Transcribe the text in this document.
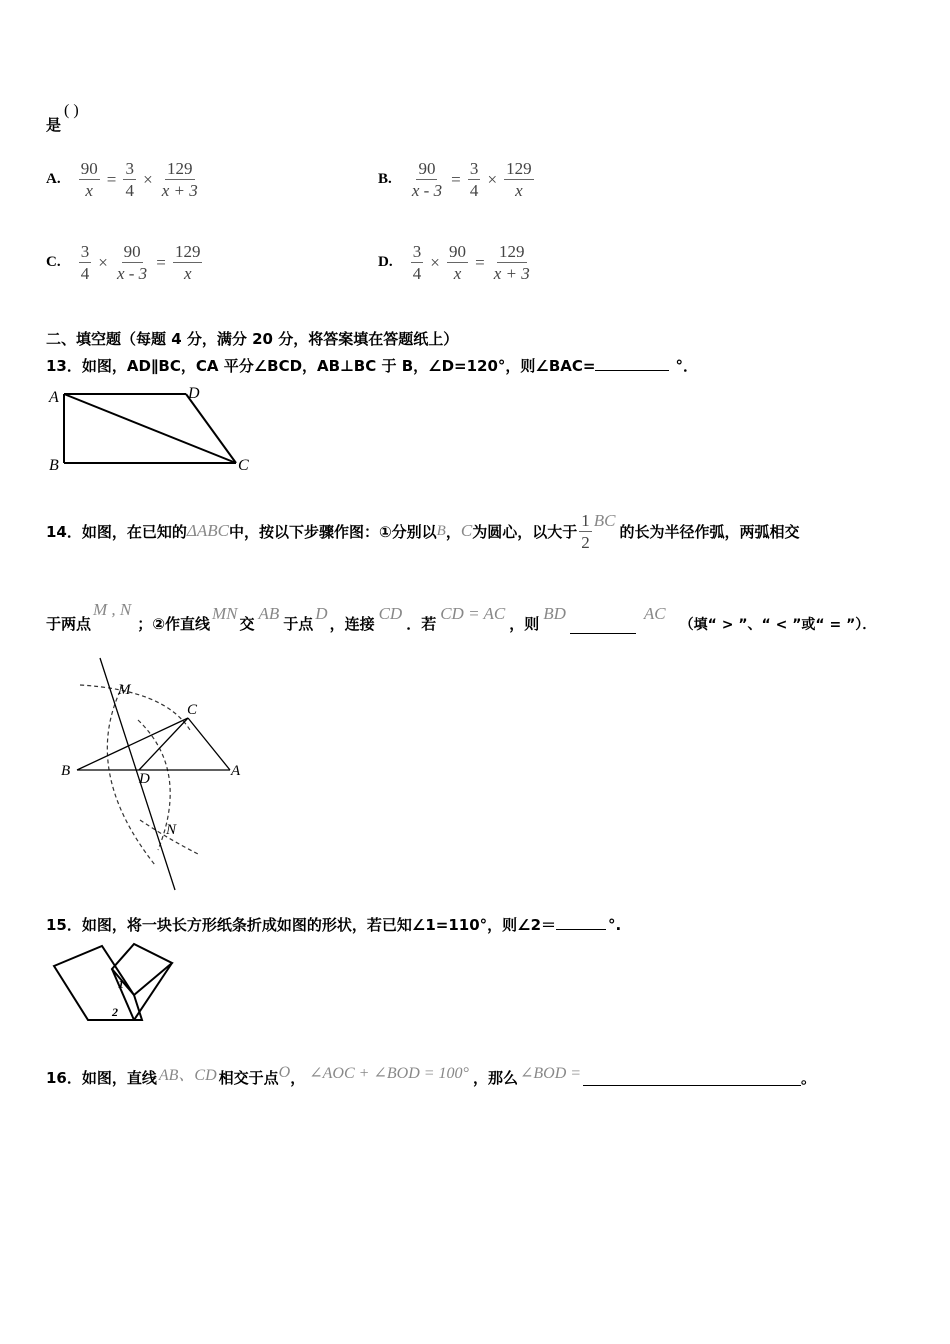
是
( )
A. $\frac{90}{x} = \frac{3}{4} \times \frac{129}{x + 3}$	B. $\frac{90}{x - 3} = \frac{3}{4} \times \frac{129}{x}$
C. $\frac{3}{4} \times \frac{90}{x - 3} = \frac{129}{x}$	D. $\frac{3}{4} \times \frac{90}{x} = \frac{129}{x + 3}$
二、填空题（每题 4 分，满分 20 分，将答案填在答题纸上）
13．如图，AD∥BC，CA 平分∠BCD，AB⊥BC 于 B，∠D=120°，则∠BAC=	°．
A
B	C
D
14．如图，在已知的 ΔABC 中，按以下步骤作图：①分别以 B ， C 为圆心，以大于 $\frac{1}{2}$ BC
的长为半径作弧，两弧相交
于两点
M , N
；②作直线
MN
交
AB
于点
D
，连接
CD
．若
CD = AC
，则
BD	AC
（填“ > ”、“ < ”或“ = ”）．
M
C
B	D	A
N
15．如图，将一块长方形纸条折成如图的形状，若已知∠1=110°，则∠2＝	°.
1
2
16．如图，直线 AB、CD 相交于点 O ， ∠AOC + ∠BOD = 100° ，那么 ∠BOD =	。
